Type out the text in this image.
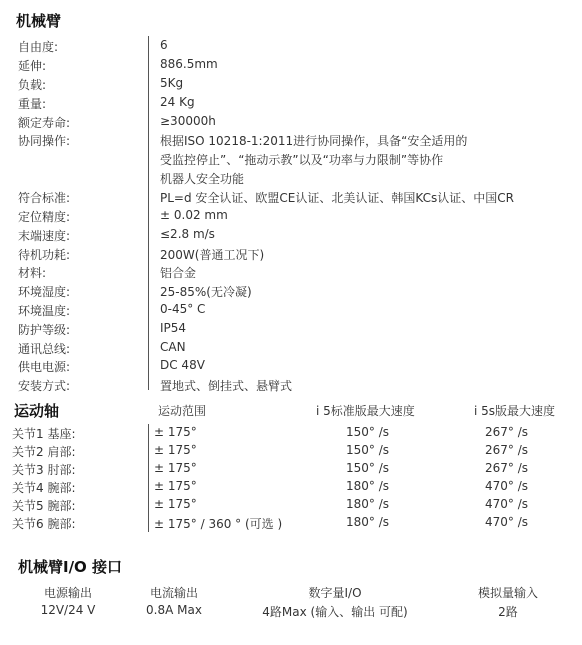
机械臂
自由度:	6
延伸:	886.5mm
负载:	5Kg
重量:	24 Kg
额定寿命:	≥30000h
协同操作:	根据ISO 10218-1:2011进行协同操作，具备“安全适用的
受监控停止”、“拖动示教”以及“功率与力限制”等协作
机器人安全功能
符合标准:	PL=d 安全认证、欧盟CE认证、北美认证、韩国KCs认证、中国CR
定位精度:	± 0.02 mm
末端速度:	≤2.8 m/s
待机功耗:	200W(普通工况下)
材料:	铝合金
环境湿度:	25-85%(无冷凝)
环境温度:	0-45° C
防护等级:	IP54
通讯总线:	CAN
供电电源:	DC 48V
安装方式:	置地式、倒挂式、悬臂式
运动轴	运动范围	i 5标准版最大速度	i 5s版最大速度
关节1 基座:	± 175°	150° /s	267° /s
关节2 肩部:	± 175°	150° /s	267° /s
关节3 肘部:	± 175°	150° /s	267° /s
关节4 腕部:	± 175°	180° /s	470° /s
关节5 腕部:	± 175°	180° /s	470° /s
关节6 腕部:	± 175° / 360 ° (可选 )	180° /s	470° /s
机械臂I/O 接口
电源输出	电流输出	数字量I/O	模拟量输入
12V/24 V	0.8A Max	4路Max (输入、输出 可配)	2路
